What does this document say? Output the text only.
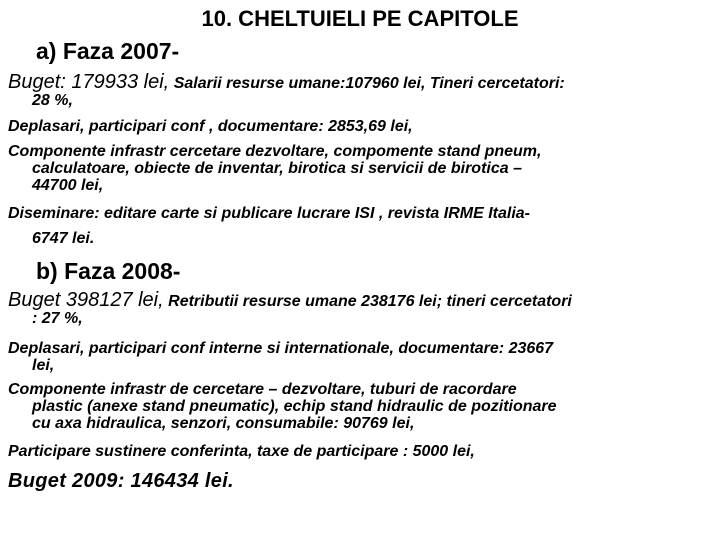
10. CHELTUIELI PE CAPITOLE
a) Faza 2007-
Buget: 179933 lei, Salarii resurse umane:107960 lei, Tineri cercetatori:
28 %,
Deplasari, participari conf , documentare: 2853,69 lei,
Componente infrastr cercetare dezvoltare, compomente stand pneum,
calculatoare, obiecte de inventar, birotica si servicii de birotica –
44700 lei,
Diseminare: editare carte si publicare lucrare ISI , revista IRME Italia-
6747 lei.
b) Faza 2008-
Buget 398127 lei, Retributii resurse umane 238176 lei; tineri cercetatori
: 27 %,
Deplasari, participari conf interne si internationale, documentare: 23667
lei,
Componente infrastr de cercetare – dezvoltare, tuburi de racordare
plastic (anexe stand pneumatic), echip stand hidraulic de pozitionare
cu axa hidraulica, senzori, consumabile: 90769 lei,
Participare sustinere conferinta, taxe de participare : 5000 lei,
Buget 2009: 146434 lei.
